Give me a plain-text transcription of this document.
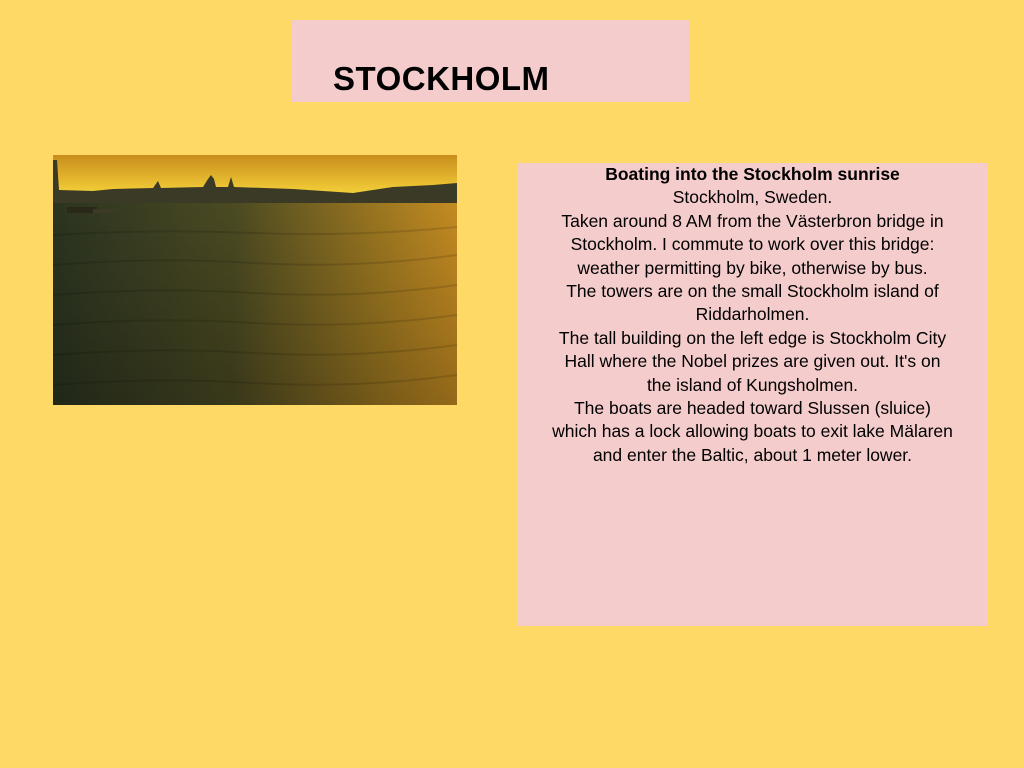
STOCKHOLM
Boating into the Stockholm sunrise
Stockholm, Sweden.
Taken around 8 AM from the Västerbron bridge in
Stockholm. I commute to work over this bridge:
weather permitting by bike, otherwise by bus.
The towers are on the small Stockholm island of
Riddarholmen.
The tall building on the left edge is Stockholm City
Hall where the Nobel prizes are given out. It's on
the island of Kungsholmen.
The boats are headed toward Slussen (sluice)
which has a lock allowing boats to exit lake Mälaren
and enter the Baltic, about 1 meter lower.
